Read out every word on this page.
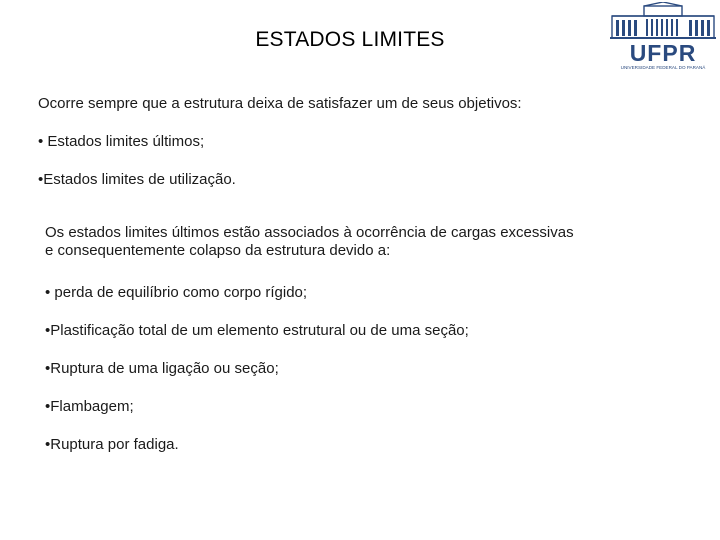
ESTADOS LIMITES
UFPR
UNIVERSIDADE FEDERAL DO PARANÁ
Ocorre sempre que a estrutura deixa de satisfazer um de seus objetivos:
• Estados limites últimos;
•Estados limites de utilização.
Os estados limites últimos estão associados à ocorrência de cargas excessivas
e consequentemente colapso da estrutura devido a:
• perda de equilíbrio como corpo rígido;
•Plastificação total de um elemento estrutural ou de uma seção;
•Ruptura de uma ligação ou seção;
•Flambagem;
•Ruptura por fadiga.
